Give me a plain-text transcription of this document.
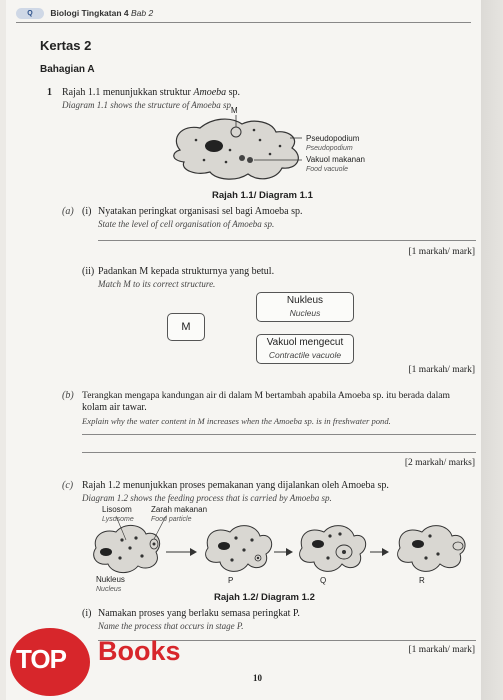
Q Biologi Tingkatan 4 Bab 2
Kertas 2
Bahagian A
1 Rajah 1.1 menunjukkan struktur Amoeba sp.
Diagram 1.1 shows the structure of Amoeba sp.
M
Pseudopodium
Pseudopodium
Vakuol makanan
Food vacuole
Rajah 1.1/ Diagram 1.1
(a) (i) Nyatakan peringkat organisasi sel bagi Amoeba sp.
State the level of cell organisation of Amoeba sp.
[1 markah/ mark]
(ii) Padankan M kepada strukturnya yang betul.
Match M to its correct structure.
M
Nukleus
Nucleus
Vakuol mengecut
Contractile vacuole
[1 markah/ mark]
(b) Terangkan mengapa kandungan air di dalam M bertambah apabila Amoeba sp. itu berada dalam
kolam air tawar.
Explain why the water content in M increases when the Amoeba sp. is in freshwater pond.
[2 markah/ marks]
(c) Rajah 1.2 menunjukkan proses pemakanan yang dijalankan oleh Amoeba sp.
Diagram 1.2 shows the feeding process that is carried by Amoeba sp.
Lisosom
Lysosome
Zarah makanan
Food particle
Nukleus
Nucleus
P	Q	R
Rajah 1.2/ Diagram 1.2
(i) Namakan proses yang berlaku semasa peringkat P.
Name the process that occurs in stage P.
[1 markah/ mark]
10
TOP Books
